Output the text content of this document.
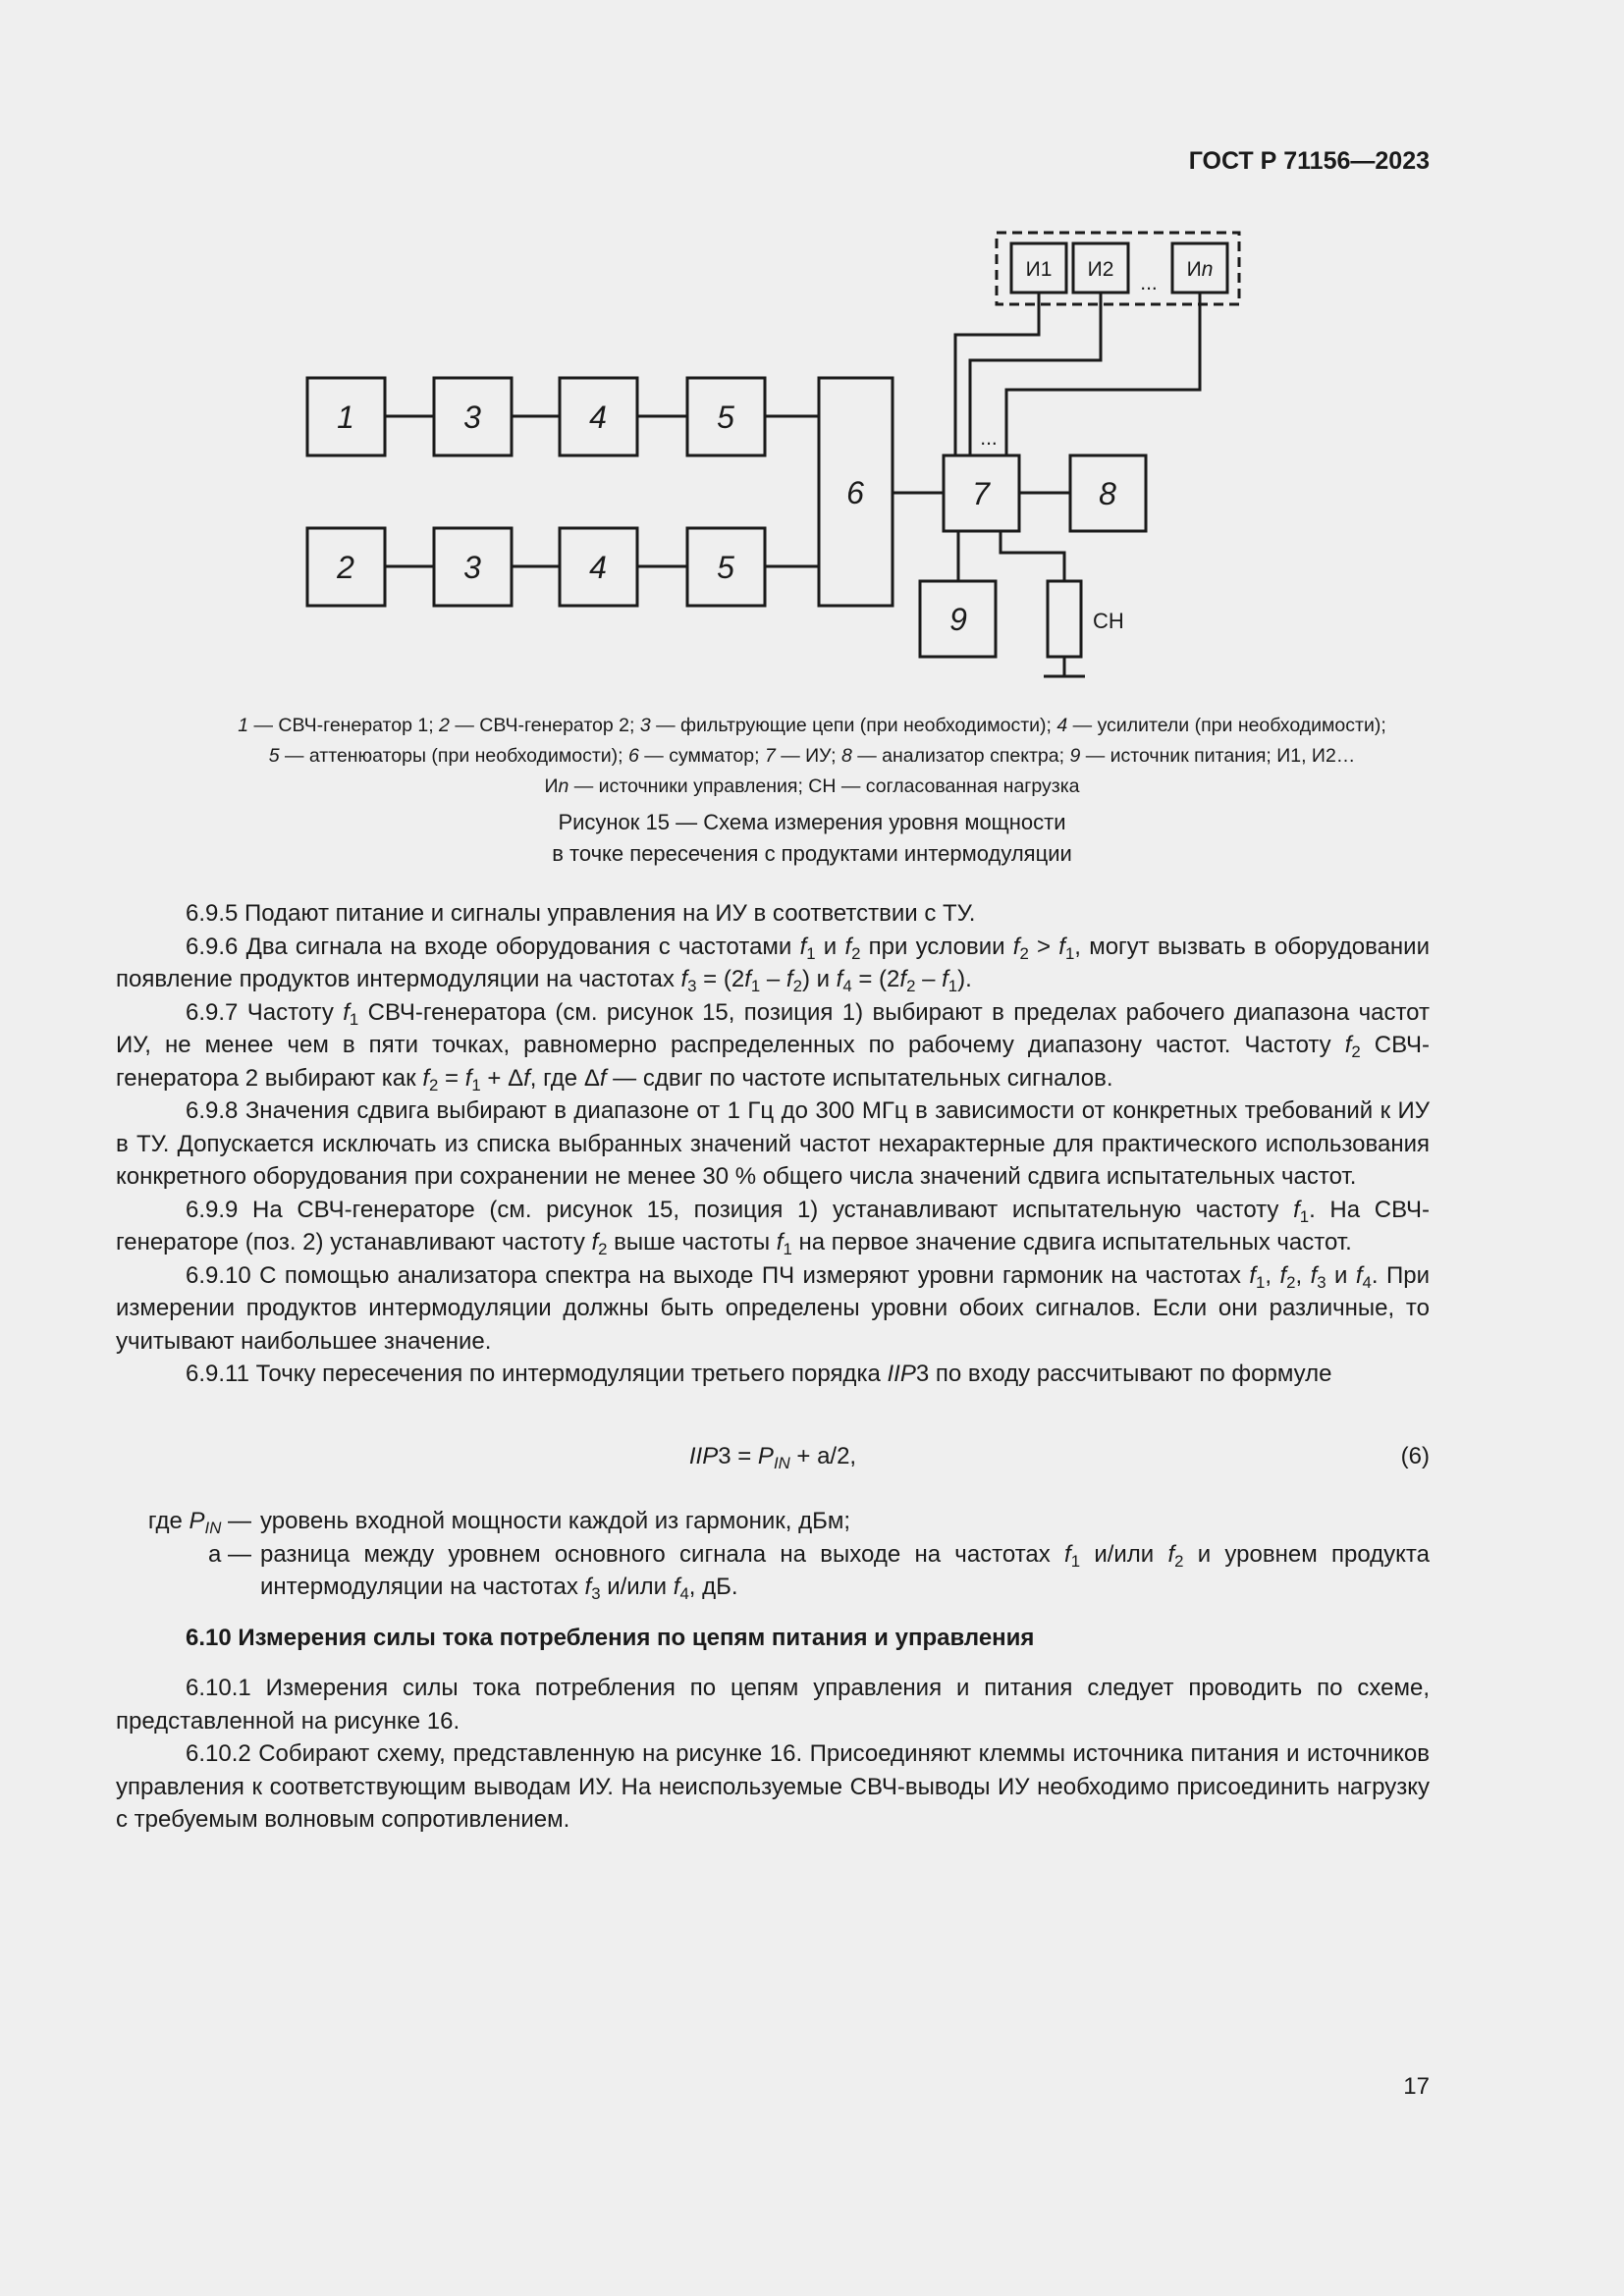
ГОСТ Р 71156—2023
1	3	4	5
2	3	4	5
6	7	8
9
И1 И2	Иn
...
...
СН
1 — СВЧ-генератор 1; 2 — СВЧ-генератор 2; 3 — фильтрующие цепи (при необходимости); 4 — усилители (при необходимости);
5 — аттенюаторы (при необходимости); 6 — сумматор; 7 — ИУ; 8 — анализатор спектра; 9 — источник питания; И1, И2…
Иn — источники управления; СН — согласованная нагрузка
Рисунок 15 — Схема измерения уровня мощности
в точке пересечения с продуктами интермодуляции

6.9.5 Подают питание и сигналы управления на ИУ в соответствии с ТУ.

6.9.6 Два сигнала на входе оборудования с частотами $f_1$ и $f_2$ при условии $f_2 > f_1$, могут вызвать в оборудовании появление продуктов интермодуляции на частотах $f_3 = (2f_1 - f_2)$ и $f_4 = (2f_2 - f_1)$.

6.9.7 Частоту $f_1$ СВЧ-генератора (см. рисунок 15, позиция 1) выбирают в пределах рабочего диапазона частот ИУ, не менее чем в пяти точках, равномерно распределенных по рабочему диапазону частот. Частоту $f_2$ СВЧ-генератора 2 выбирают как $f_2 = f_1 + \Delta f$, где Δf — сдвиг по частоте испытательных сигналов.

6.9.8 Значения сдвига выбирают в диапазоне от 1 Гц до 300 МГц в зависимости от конкретных требований к ИУ в ТУ. Допускается исключать из списка выбранных значений частот нехарактерные для практического использования конкретного оборудования при сохранении не менее 30 % общего числа значений сдвига испытательных частот.

6.9.9 На СВЧ-генераторе (см. рисунок 15, позиция 1) устанавливают испытательную частоту $f_1$. На СВЧ-генераторе (поз. 2) устанавливают частоту $f_2$ выше частоты $f_1$ на первое значение сдвига испытательных частот.

6.9.10 С помощью анализатора спектра на выходе ПЧ измеряют уровни гармоник на частотах $f_1$, $f_2$, $f_3$ и $f_4$. При измерении продуктов интермодуляции должны быть определены уровни обоих сигналов. Если они различные, то учитывают наибольшее значение.

6.9.11 Точку пересечения по интермодуляции третьего порядка IIP3 по входу рассчитывают по формуле

$IIP3 = P_{IN} + a/2$,	(6)
где $P_{IN}$ — уровень входной мощности каждой из гармоник, дБм;
a — разница между уровнем основного сигнала на выходе на частотах $f_1$ и/или $f_2$ и уровнем продукта интермодуляции на частотах $f_3$ и/или $f_4$, дБ.

6.10 Измерения силы тока потребления по цепям питания и управления

6.10.1 Измерения силы тока потребления по цепям управления и питания следует проводить по схеме, представленной на рисунке 16.

6.10.2 Собирают схему, представленную на рисунке 16. Присоединяют клеммы источника питания и источников управления к соответствующим выводам ИУ. На неиспользуемые СВЧ-выводы ИУ необходимо присоединить нагрузку с требуемым волновым сопротивлением.

17
